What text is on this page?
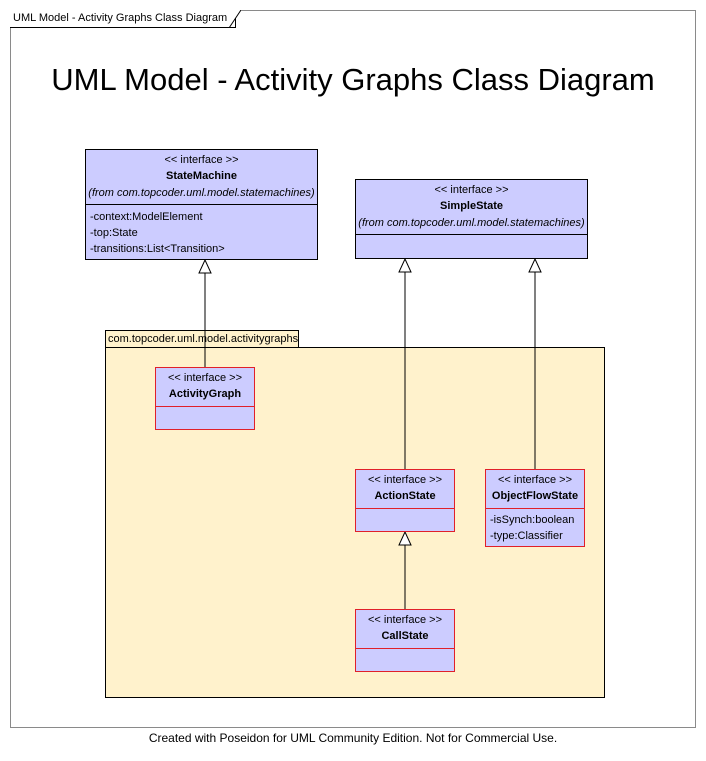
UML Model - Activity Graphs Class Diagram
UML Model - Activity Graphs Class Diagram
com.topcoder.uml.model.activitygraphs
<< interface >>
StateMachine
(from com.topcoder.uml.model.statemachines)
-context:ModelElement
-top:State
-transitions:List<Transition>
<< interface >>
SimpleState
(from com.topcoder.uml.model.statemachines)
<< interface >>
ActivityGraph
<< interface >>
ActionState
<< interface >>
ObjectFlowState
-isSynch:boolean
-type:Classifier
<< interface >>
CallState
Created with Poseidon for UML Community Edition. Not for Commercial Use.
